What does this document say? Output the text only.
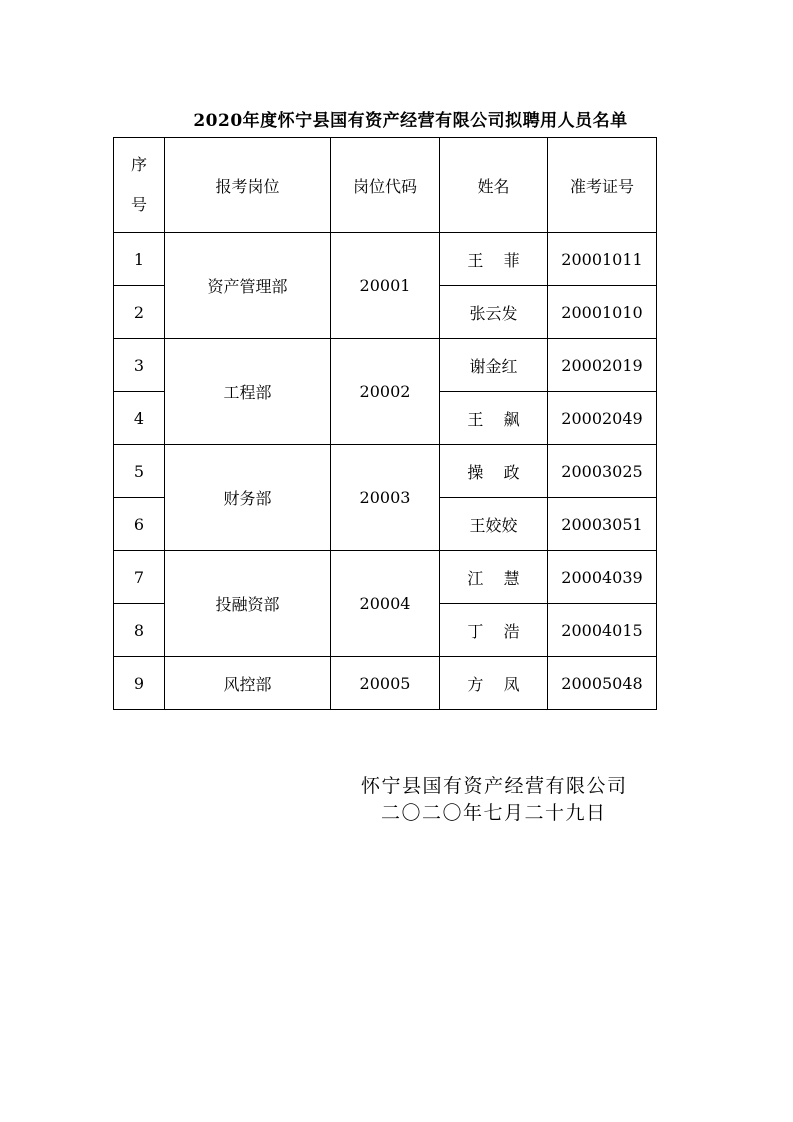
2020年度怀宁县国有资产经营有限公司拟聘用人员名单
序
号	报考岗位	岗位代码	姓名	准考证号
1	资产管理部	20001	王    菲	20001011
2			张云发	20001010
3	工程部	20002	谢金红	20002019
4			王    飙	20002049
5	财务部	20003	操    政	20003025
6			王姣姣	20003051
7	投融资部	20004	江    慧	20004039
8			丁    浩	20004015
9	风控部	20005	方    凤	20005048
怀宁县国有资产经营有限公司
二〇二〇年七月二十九日
